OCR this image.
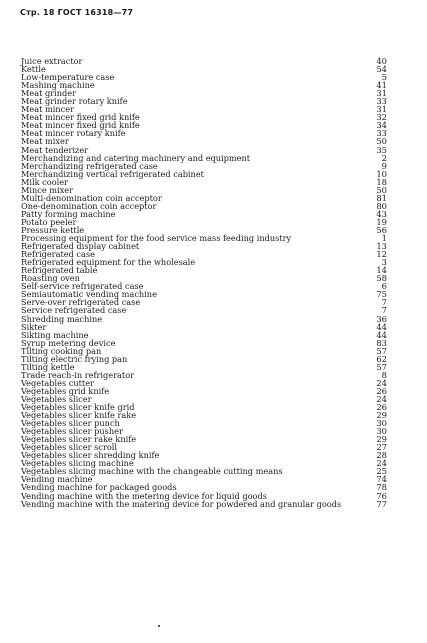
Стр. 18 ГОСТ 16318—77
Juice extractor	40
Kettle	54
Low-temperature case	5
Mashing machine	41
Meat grinder	31
Meat grinder rotary knife	33
Meat mincer	31
Meat mincer fixed grid knife	32
Meat mincer fixed grid knife	34
Meat mincer rotary knife	33
Meat mixer	50
Meat tenderizer	35
Merchandizing and catering machinery and equipment	2
Merchandizing refrigerated case	9
Merchandizing vertical refrigerated cabinet	10
Milk cooler	18
Mince mixer	50
Multi-denomination coin acceptor	81
One-denomination coin acceptor	80
Patty forming machine	43
Potato peeler	19
Pressure kettle	56
Processing equipment for the food service mass feeding industry	1
Refrigerated display cabinet	13
Refrigerated case	12
Refrigerated equipment for the wholesale	3
Refrigerated table	14
Roasting oven	58
Self-service refrigerated case	6
Semiautomatic vending machine	75
Serve-over refrigerated case	7
Service refrigerated case	7
Shredding machine	36
Sikter	44
Sikting machine	44
Syrup metering device	83
Tilting cooking pan	57
Tilting electric frying pan	62
Tilting kettle	57
Trade reach-in refrigerator	8
Vegetables cutter	24
Vegetables grid knife	26
Vegetables slicer	24
Vegetables slicer knife grid	26
Vegetables slicer knife rake	29
Vegetables slicer punch	30
Vegetables slicer pusher	30
Vegetables slicer rake knife	29
Vegetables slicer scroll	27
Vegetables slicer shredding knife	28
Vegetables slicing machine	24
Vegetables slicing machine with the changeable cutting means	25
Vending machine	74
Vending machine for packaged goods	78
Vending machine with the metering device for liquid goods	76
Vending machine with the matering device for powdered and granular goods	77
